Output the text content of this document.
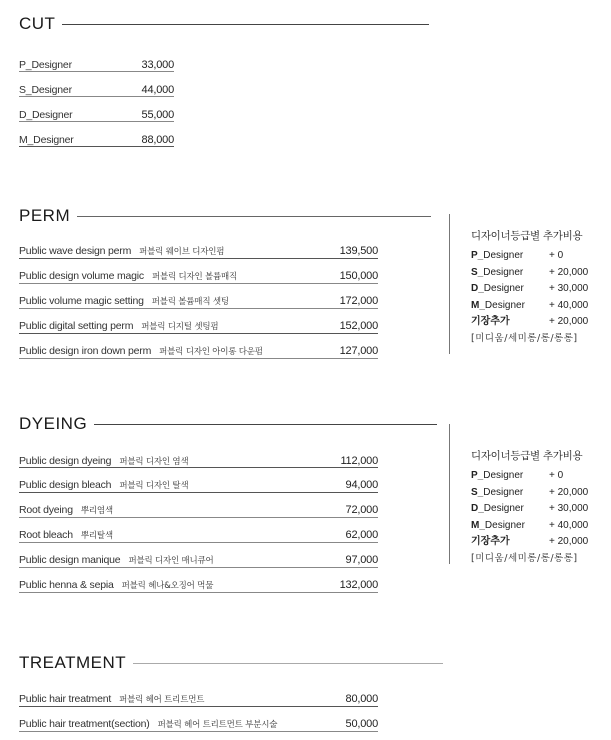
CUT
P_Designer	33,000
S_Designer	44,000
D_Designer	55,000
M_Designer	88,000
PERM
Public wave design perm 퍼블릭 웨이브 디자인펌	139,500
Public design volume magic 퍼블릭 디자인 볼륨매직	150,000
Public volume magic setting 퍼블릭 볼륨매직 셋팅	172,000
Public digital setting perm 퍼블릭 디지털 셋팅펌	152,000
Public design iron down perm 퍼블릭 디자인 아이롱 다운펌	127,000
디자이너등급별 추가비용
P_Designer	+ 0
S_Designer	+ 20,000
D_Designer	+ 30,000
M_Designer	+ 40,000
기장추가	+ 20,000
[미디움/세미롱/롱/롱롱]
DYEING
Public design dyeing 퍼블릭 디자인 염색	112,000
Public design bleach 퍼블릭 디자인 탈색	94,000
Root dyeing 뿌리염색	72,000
Root bleach 뿌리탈색	62,000
Public design manique 퍼블릭 디자인 매니큐어	97,000
Public henna & sepia 퍼블릭 헤나&오징어 먹물	132,000
디자이너등급별 추가비용
P_Designer	+ 0
S_Designer	+ 20,000
D_Designer	+ 30,000
M_Designer	+ 40,000
기장추가	+ 20,000
[미디움/세미롱/롱/롱롱]
TREATMENT
Public hair treatment 퍼블릭 헤어 트리트먼트	80,000
Public hair treatment(section) 퍼블릭 헤어 트리트먼트 부분시술	50,000
